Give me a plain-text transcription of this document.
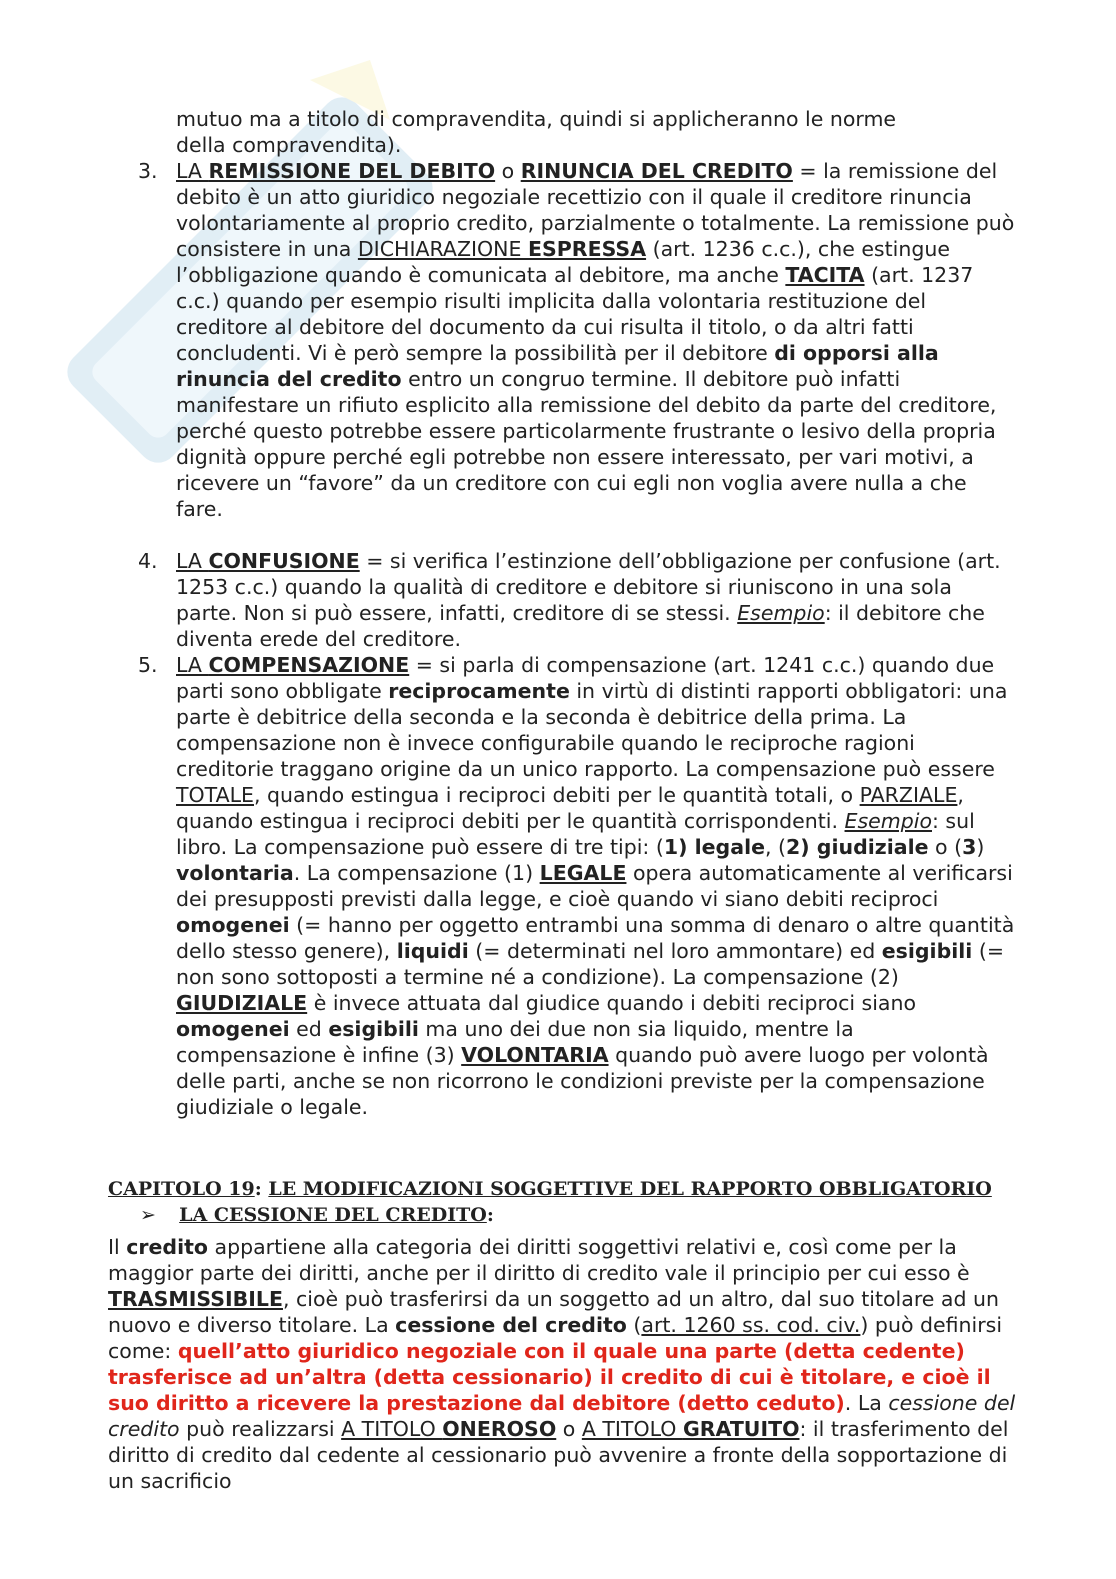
mutuo ma a titolo di compravendita, quindi si applicheranno le norme

della compravendita).

3. LA REMISSIONE DEL DEBITO o RINUNCIA DEL CREDITO = la remissione del debito è un atto giuridico negoziale recettizio con il quale il creditore rinuncia volontariamente al proprio credito, parzialmente o totalmente. La remissione può consistere in una DICHIARAZIONE ESPRESSA (art. 1236 c.c.), che estingue l’obbligazione quando è comunicata al debitore, ma anche TACITA (art. 1237 c.c.) quando per esempio risulti implicita dalla volontaria restituzione del creditore al debitore del documento da cui risulta il titolo, o da altri fatti concludenti. Vi è però sempre la possibilità per il debitore di opporsi alla rinuncia del credito entro un congruo termine. Il debitore può infatti manifestare un rifiuto esplicito alla remissione del debito da parte del creditore, perché questo potrebbe essere particolarmente frustrante o lesivo della propria dignità oppure perché egli potrebbe non essere interessato, per vari motivi, a ricevere un “favore” da un creditore con cui egli non voglia avere nulla a che fare.

4. LA CONFUSIONE = si verifica l’estinzione dell’obbligazione per confusione (art. 1253 c.c.) quando la qualità di creditore e debitore si riuniscono in una sola parte. Non si può essere, infatti, creditore di se stessi. Esempio: il debitore che diventa erede del creditore.

5. LA COMPENSAZIONE = si parla di compensazione (art. 1241 c.c.) quando due parti sono obbligate reciprocamente in virtù di distinti rapporti obbligatori: una parte è debitrice della seconda e la seconda è debitrice della prima. La compensazione non è invece configurabile quando le reciproche ragioni creditorie traggano origine da un unico rapporto. La compensazione può essere TOTALE, quando estingua i reciproci debiti per le quantità totali, o PARZIALE, quando estingua i reciproci debiti per le quantità corrispondenti. Esempio: sul libro. La compensazione può essere di tre tipi: (1) legale, (2) giudiziale o (3) volontaria. La compensazione (1) LEGALE opera automaticamente al verificarsi dei presupposti previsti dalla legge, e cioè quando vi siano debiti reciproci omogenei (= hanno per oggetto entrambi una somma di denaro o altre quantità dello stesso genere), liquidi (= determinati nel loro ammontare) ed esigibili (= non sono sottoposti a termine né a condizione). La compensazione (2) GIUDIZIALE è invece attuata dal giudice quando i debiti reciproci siano omogenei ed esigibili ma uno dei due non sia liquido, mentre la compensazione è infine (3) VOLONTARIA quando può avere luogo per volontà delle parti, anche se non ricorrono le condizioni previste per la compensazione giudiziale o legale.

CAPITOLO 19: LE MODIFICAZIONI SOGGETTIVE DEL RAPPORTO OBBLIGATORIO
➢ LA CESSIONE DEL CREDITO:

Il credito appartiene alla categoria dei diritti soggettivi relativi e, così come per la maggior parte dei diritti, anche per il diritto di credito vale il principio per cui esso è TRASMISSIBILE, cioè può trasferirsi da un soggetto ad un altro, dal suo titolare ad un nuovo e diverso titolare. La cessione del credito (art. 1260 ss. cod. civ.) può definirsi come: quell’atto giuridico negoziale con il quale una parte (detta cedente) trasferisce ad un’altra (detta cessionario) il credito di cui è titolare, e cioè il suo diritto a ricevere la prestazione dal debitore (detto ceduto). La cessione del credito può realizzarsi A TITOLO ONEROSO o A TITOLO GRATUITO: il trasferimento del diritto di credito dal cedente al cessionario può avvenire a fronte della sopportazione di un sacrificio
